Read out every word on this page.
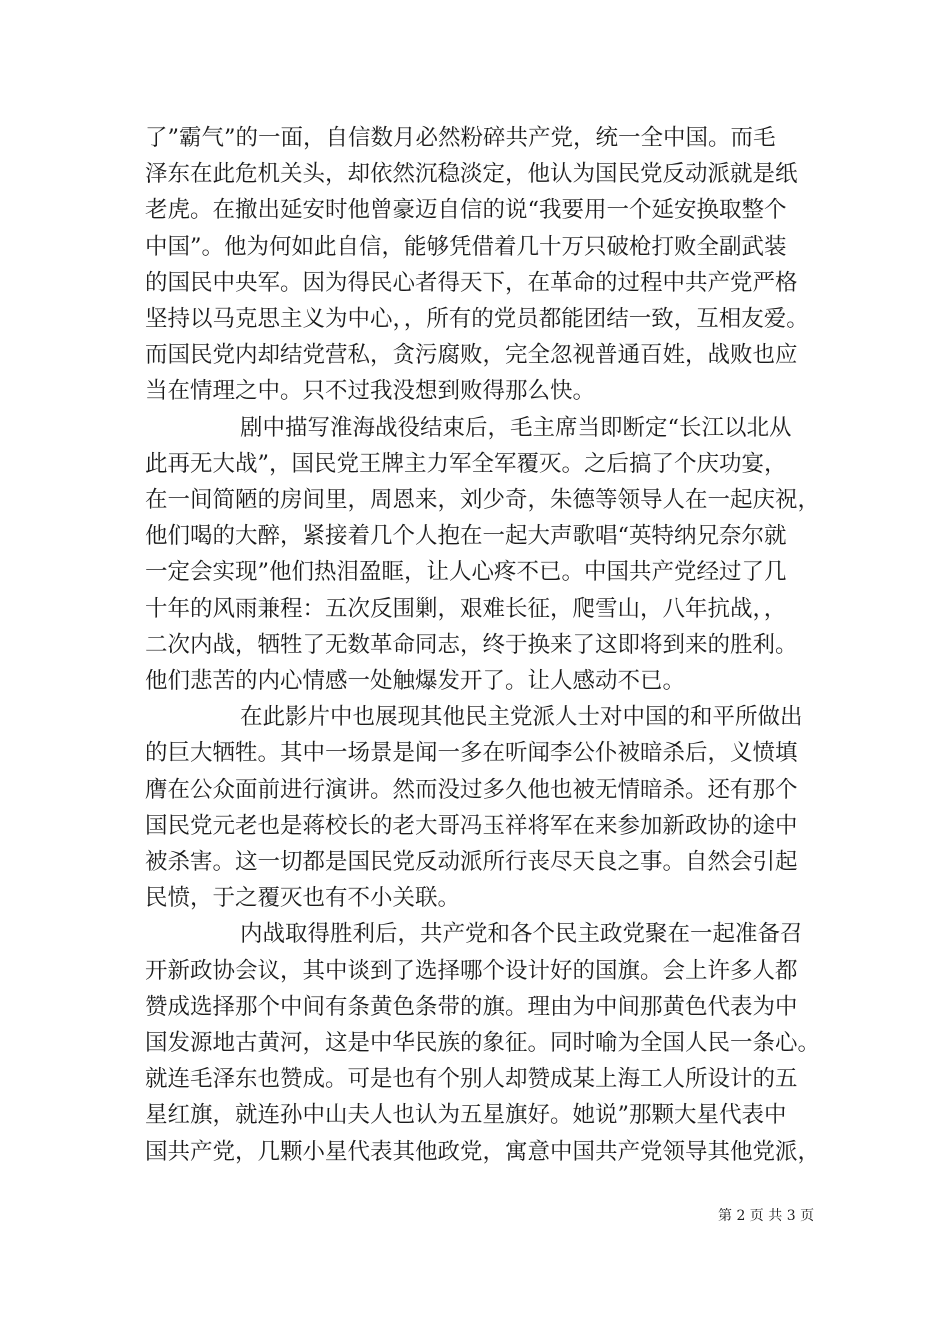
了”霸气”的一面，自信数月必然粉碎共产党，统一全中国。而毛
泽东在此危机关头，却依然沉稳淡定，他认为国民党反动派就是纸
老虎。在撤出延安时他曾豪迈自信的说“我要用一个延安换取整个
中国”。他为何如此自信，能够凭借着几十万只破枪打败全副武装
的国民中央军。因为得民心者得天下，在革命的过程中共产党严格
坚持以马克思主义为中心，，所有的党员都能团结一致，互相友爱。
而国民党内却结党营私，贪污腐败，完全忽视普通百姓，战败也应
当在情理之中。只不过我没想到败得那么快。
剧中描写淮海战役结束后，毛主席当即断定“长江以北从
此再无大战”，国民党王牌主力军全军覆灭。之后搞了个庆功宴，
在一间简陋的房间里，周恩来，刘少奇，朱德等领导人在一起庆祝，
他们喝的大醉，紧接着几个人抱在一起大声歌唱“英特纳兄奈尔就
一定会实现”他们热泪盈眶，让人心疼不已。中国共产党经过了几
十年的风雨兼程：五次反围剿，艰难长征，爬雪山，八年抗战，，
二次内战，牺牲了无数革命同志，终于换来了这即将到来的胜利。
他们悲苦的内心情感一处触爆发开了。让人感动不已。
在此影片中也展现其他民主党派人士对中国的和平所做出
的巨大牺牲。其中一场景是闻一多在听闻李公仆被暗杀后，义愤填
膺在公众面前进行演讲。然而没过多久他也被无情暗杀。还有那个
国民党元老也是蒋校长的老大哥冯玉祥将军在来参加新政协的途中
被杀害。这一切都是国民党反动派所行丧尽天良之事。自然会引起
民愤，于之覆灭也有不小关联。
内战取得胜利后，共产党和各个民主政党聚在一起准备召
开新政协会议，其中谈到了选择哪个设计好的国旗。会上许多人都
赞成选择那个中间有条黄色条带的旗。理由为中间那黄色代表为中
国发源地古黄河，这是中华民族的象征。同时喻为全国人民一条心。
就连毛泽东也赞成。可是也有个别人却赞成某上海工人所设计的五
星红旗，就连孙中山夫人也认为五星旗好。她说”那颗大星代表中
国共产党，几颗小星代表其他政党，寓意中国共产党领导其他党派，
第 2 页 共 3 页
